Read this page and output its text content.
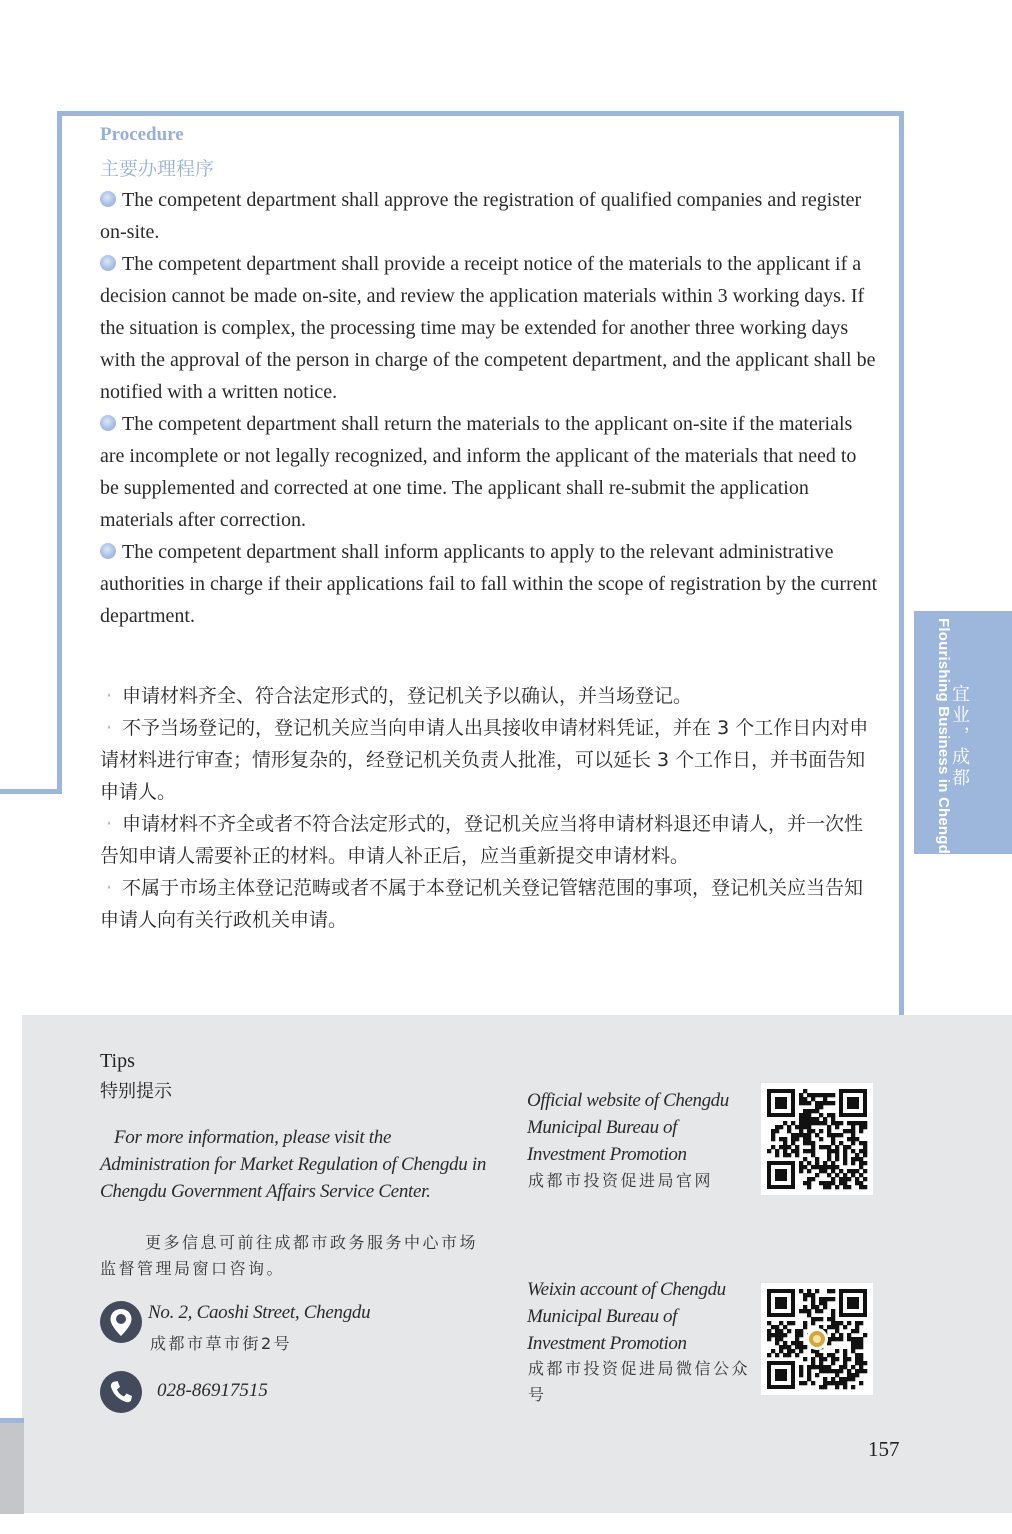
Flourishing Business in Chengdu
宜业，成都
Procedure
主要办理程序
The competent department shall approve the registration of qualified companies and register on-site.
The competent department shall provide a receipt notice of the materials to the applicant if a decision cannot be made on-site, and review the application materials within 3 working days. If the situation is complex, the processing time may be extended for another three working days with the approval of the person in charge of the competent department, and the applicant shall be notified with a written notice.
The competent department shall return the materials to the applicant on-site if the materials are incomplete or not legally recognized, and inform the applicant of the materials that need to be supplemented and corrected at one time. The applicant shall re-submit the application materials after correction.
The competent department shall inform applicants to apply to the relevant administrative authorities in charge if their applications fail to fall within the scope of registration by the current department.
· 申请材料齐全、符合法定形式的，登记机关予以确认，并当场登记。
· 不予当场登记的，登记机关应当向申请人出具接收申请材料凭证，并在 3 个工作日内对申请材料进行审查；情形复杂的，经登记机关负责人批准，可以延长 3 个工作日，并书面告知申请人。
· 申请材料不齐全或者不符合法定形式的，登记机关应当将申请材料退还申请人，并一次性告知申请人需要补正的材料。申请人补正后，应当重新提交申请材料。
· 不属于市场主体登记范畴或者不属于本登记机关登记管辖范围的事项，登记机关应当告知申请人向有关行政机关申请。
Tips
特别提示
For more information, please visit the Administration for Market Regulation of Chengdu in Chengdu Government Affairs Service Center.
更多信息可前往成都市政务服务中心市场监督管理局窗口咨询。
No. 2, Caoshi Street, Chengdu
成都市草市街2号
028-86917515
Official website of Chengdu Municipal Bureau of Investment Promotion
成都市投资促进局官网
Weixin account of Chengdu Municipal Bureau of Investment Promotion
成都市投资促进局微信公众号
157
